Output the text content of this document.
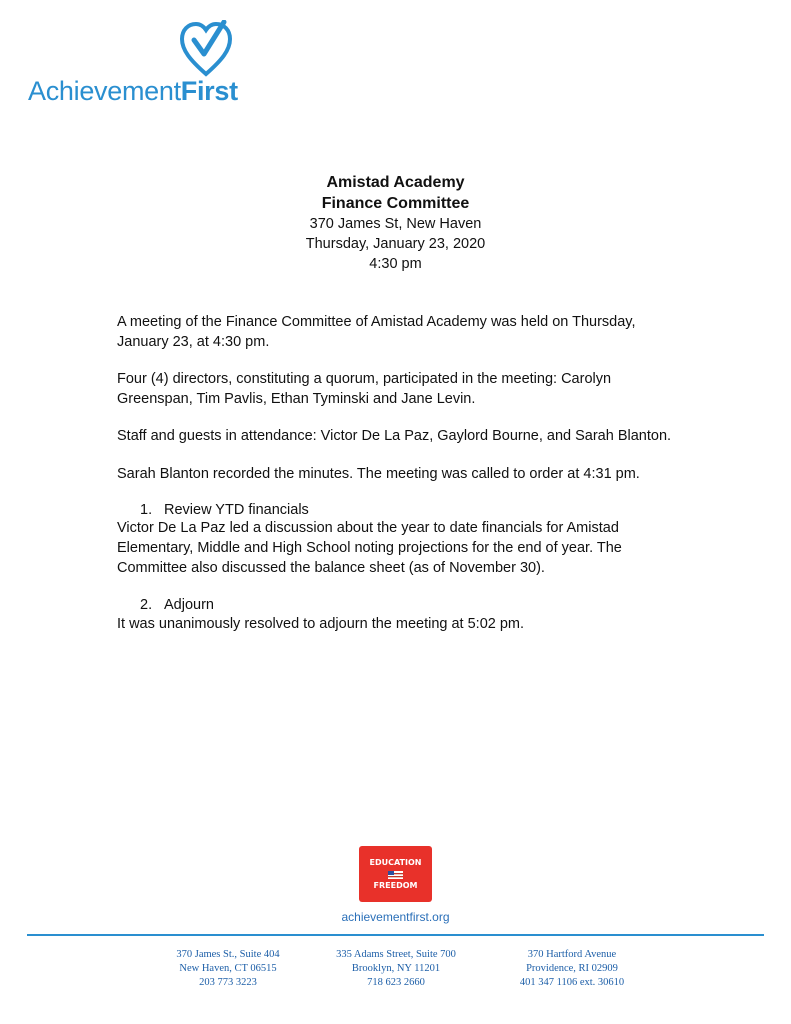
AchievementFirst
Amistad Academy
Finance Committee
370 James St, New Haven
Thursday, January 23, 2020
4:30 pm
A meeting of the Finance Committee of Amistad Academy was held on Thursday, January 23, at 4:30 pm.
Four (4) directors, constituting a quorum, participated in the meeting: Carolyn Greenspan, Tim Pavlis, Ethan Tyminski and Jane Levin.
Staff and guests in attendance: Victor De La Paz, Gaylord Bourne, and Sarah Blanton.
Sarah Blanton recorded the minutes. The meeting was called to order at 4:31 pm.
1. Review YTD financials
Victor De La Paz led a discussion about the year to date financials for Amistad Elementary, Middle and High School noting projections for the end of year. The Committee also discussed the balance sheet (as of November 30).
2. Adjourn
It was unanimously resolved to adjourn the meeting at 5:02 pm.
EDUCATION
FREEDOM
achievementfirst.org
370 James St., Suite 404
New Haven, CT 06515
203 773 3223
335 Adams Street, Suite 700
Brooklyn, NY 11201
718 623 2660
370 Hartford Avenue
Providence, RI 02909
401 347 1106 ext. 30610
